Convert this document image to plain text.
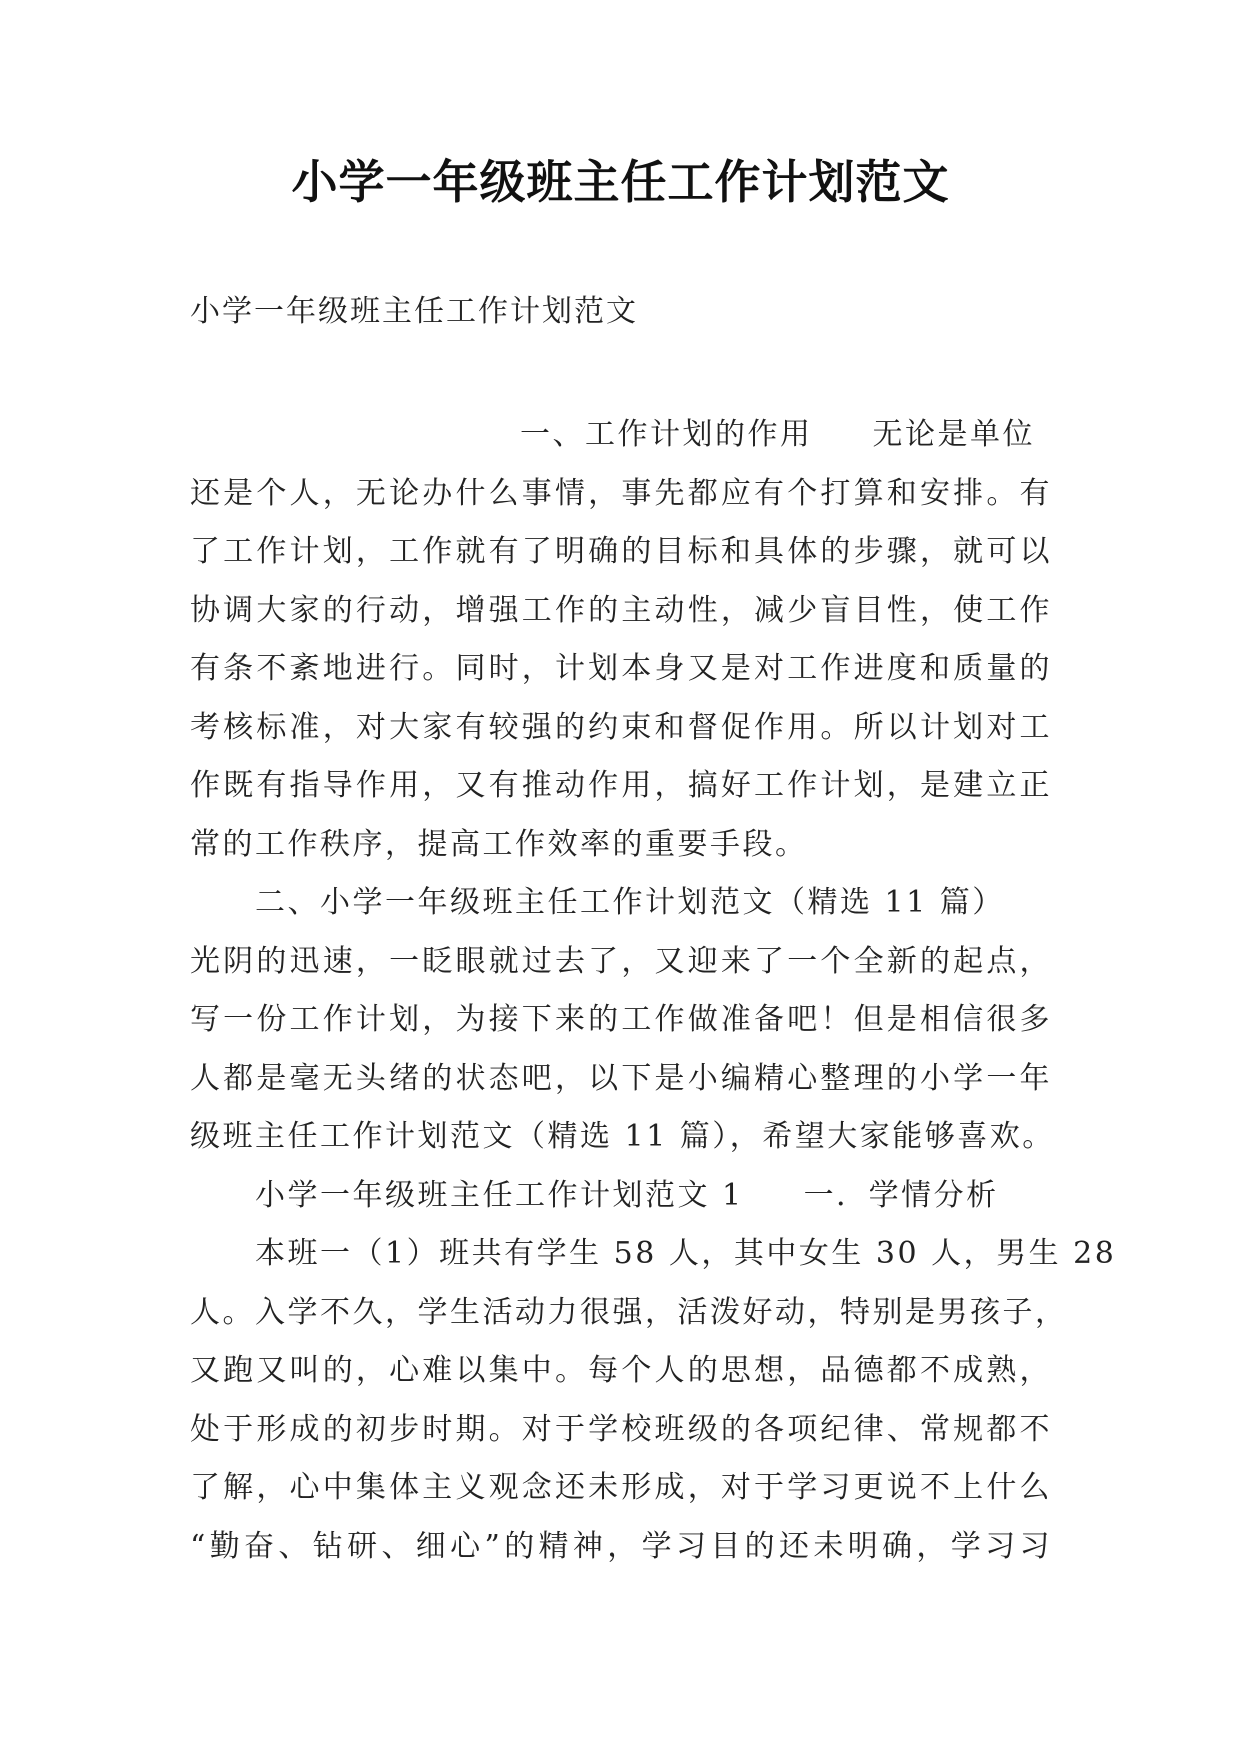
小学一年级班主任工作计划范文
小学一年级班主任工作计划范文
一、工作计划的作用 无论是单位
还是个人，无论办什么事情，事先都应有个打算和安排。有
了工作计划，工作就有了明确的目标和具体的步骤，就可以
协调大家的行动，增强工作的主动性，减少盲目性，使工作
有条不紊地进行。同时，计划本身又是对工作进度和质量的
考核标准，对大家有较强的约束和督促作用。所以计划对工
作既有指导作用，又有推动作用，搞好工作计划，是建立正
常的工作秩序，提高工作效率的重要手段。
二、小学一年级班主任工作计划范文（精选 11 篇）
光阴的迅速，一眨眼就过去了，又迎来了一个全新的起点，
写一份工作计划，为接下来的工作做准备吧！但是相信很多
人都是毫无头绪的状态吧，以下是小编精心整理的小学一年
级班主任工作计划范文（精选 11 篇），希望大家能够喜欢。
小学一年级班主任工作计划范文 1 一．学情分析
本班一（1）班共有学生 58 人，其中女生 30 人，男生 28
人。入学不久，学生活动力很强，活泼好动，特别是男孩子，
又跑又叫的，心难以集中。每个人的思想，品德都不成熟，
处于形成的初步时期。对于学校班级的各项纪律、常规都不
了解，心中集体主义观念还未形成，对于学习更说不上什么
“勤奋、钻研、细心”的精神，学习目的还未明确，学习习
